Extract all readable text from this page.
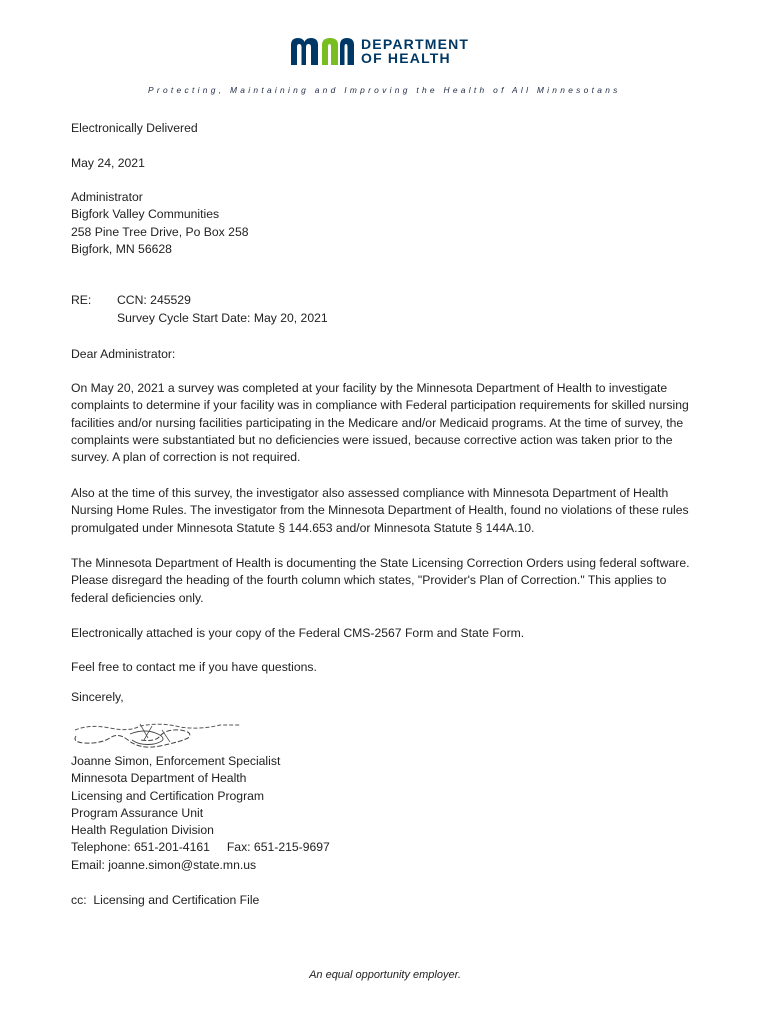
DEPARTMENT
OF HEALTH
Protecting, Maintaining and Improving the Health of All Minnesotans
Electronically Delivered
May 24, 2021
Administrator
Bigfork Valley Communities
258 Pine Tree Drive, Po Box 258
Bigfork, MN 56628
RE: CCN: 245529
Survey Cycle Start Date: May 20, 2021
Dear Administrator:
On May 20, 2021 a survey was completed at your facility by the Minnesota Department of Health to investigate complaints to determine if your facility was in compliance with Federal participation requirements for skilled nursing facilities and/or nursing facilities participating in the Medicare and/or Medicaid programs. At the time of survey, the complaints were substantiated but no deficiencies were issued, because corrective action was taken prior to the survey. A plan of correction is not required.
Also at the time of this survey, the investigator also assessed compliance with Minnesota Department of Health Nursing Home Rules. The investigator from the Minnesota Department of Health, found no violations of these rules promulgated under Minnesota Statute § 144.653 and/or Minnesota Statute § 144A.10.
The Minnesota Department of Health is documenting the State Licensing Correction Orders using federal software. Please disregard the heading of the fourth column which states, "Provider's Plan of Correction." This applies to federal deficiencies only.
Electronically attached is your copy of the Federal CMS-2567 Form and State Form.
Feel free to contact me if you have questions.
Sincerely,
Joanne Simon, Enforcement Specialist
Minnesota Department of Health
Licensing and Certification Program
Program Assurance Unit
Health Regulation Division
Telephone: 651-201-4161     Fax: 651-215-9697
Email: joanne.simon@state.mn.us
cc:  Licensing and Certification File
An equal opportunity employer.
